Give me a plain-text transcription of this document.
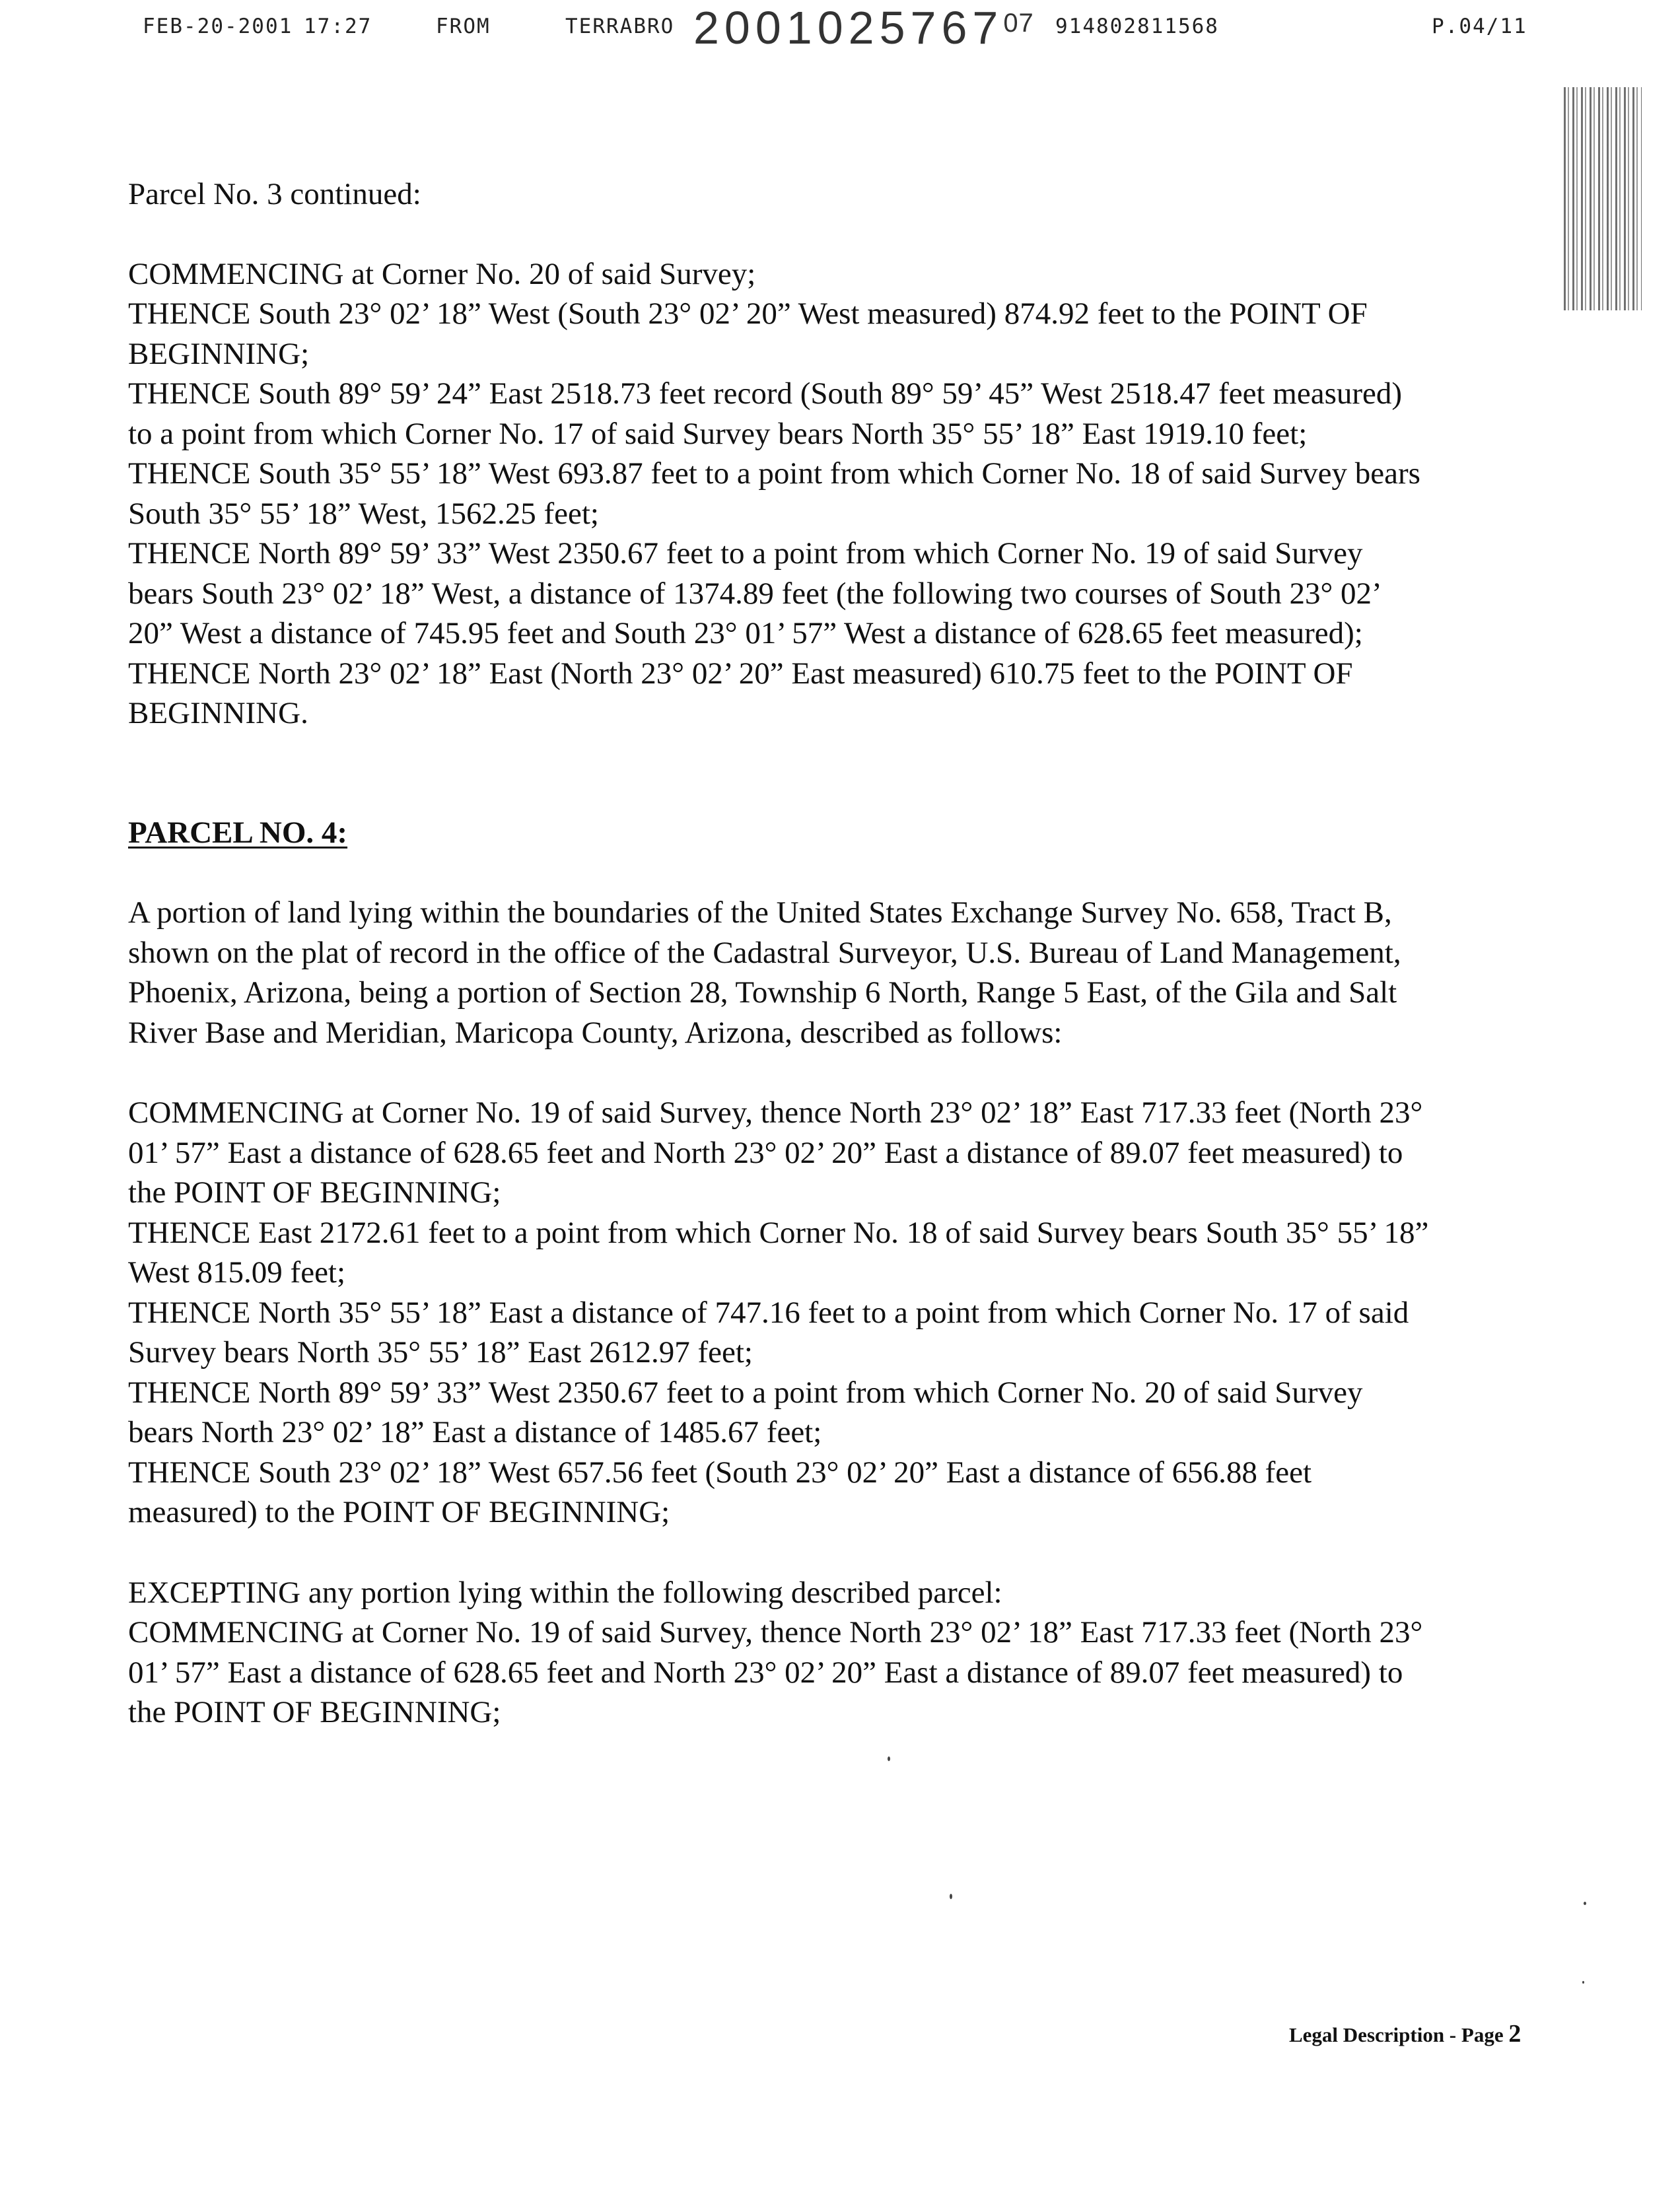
FEB-20-2001 17:27	FROM	TERRABRO 2001025767$^{07}$ 914802811568	P.04/11
Parcel No. 3 continued:
COMMENCING at Corner No. 20 of said Survey;
THENCE South 23° 02’ 18” West (South 23° 02’ 20” West measured) 874.92 feet to the POINT OF
BEGINNING;
THENCE South 89° 59’ 24” East 2518.73 feet record (South 89° 59’ 45” West 2518.47 feet measured)
to a point from which Corner No. 17 of said Survey bears North 35° 55’ 18” East 1919.10 feet;
THENCE South 35° 55’ 18” West 693.87 feet to a point from which Corner No. 18 of said Survey bears
South 35° 55’ 18” West, 1562.25 feet;
THENCE North 89° 59’ 33” West 2350.67 feet to a point from which Corner No. 19 of said Survey
bears South 23° 02’ 18” West, a distance of 1374.89 feet (the following two courses of South 23° 02’
20” West a distance of 745.95 feet and South 23° 01’ 57” West a distance of 628.65 feet measured);
THENCE North 23° 02’ 18” East (North 23° 02’ 20” East measured) 610.75 feet to the POINT OF
BEGINNING.
PARCEL NO. 4:
A portion of land lying within the boundaries of the United States Exchange Survey No. 658, Tract B,
shown on the plat of record in the office of the Cadastral Surveyor, U.S. Bureau of Land Management,
Phoenix, Arizona, being a portion of Section 28, Township 6 North, Range 5 East, of the Gila and Salt
River Base and Meridian, Maricopa County, Arizona, described as follows:
COMMENCING at Corner No. 19 of said Survey, thence North 23° 02’ 18” East 717.33 feet (North 23°
01’ 57” East a distance of 628.65 feet and North 23° 02’ 20” East a distance of 89.07 feet measured) to
the POINT OF BEGINNING;
THENCE East 2172.61 feet to a point from which Corner No. 18 of said Survey bears South 35° 55’ 18”
West 815.09 feet;
THENCE North 35° 55’ 18” East a distance of 747.16 feet to a point from which Corner No. 17 of said
Survey bears North 35° 55’ 18” East 2612.97 feet;
THENCE North 89° 59’ 33” West 2350.67 feet to a point from which Corner No. 20 of said Survey
bears North 23° 02’ 18” East a distance of 1485.67 feet;
THENCE South 23° 02’ 18” West 657.56 feet (South 23° 02’ 20” East a distance of 656.88 feet
measured) to the POINT OF BEGINNING;
EXCEPTING any portion lying within the following described parcel:
COMMENCING at Corner No. 19 of said Survey, thence North 23° 02’ 18” East 717.33 feet (North 23°
01’ 57” East a distance of 628.65 feet and North 23° 02’ 20” East a distance of 89.07 feet measured) to
the POINT OF BEGINNING;
Legal Description - Page 2
